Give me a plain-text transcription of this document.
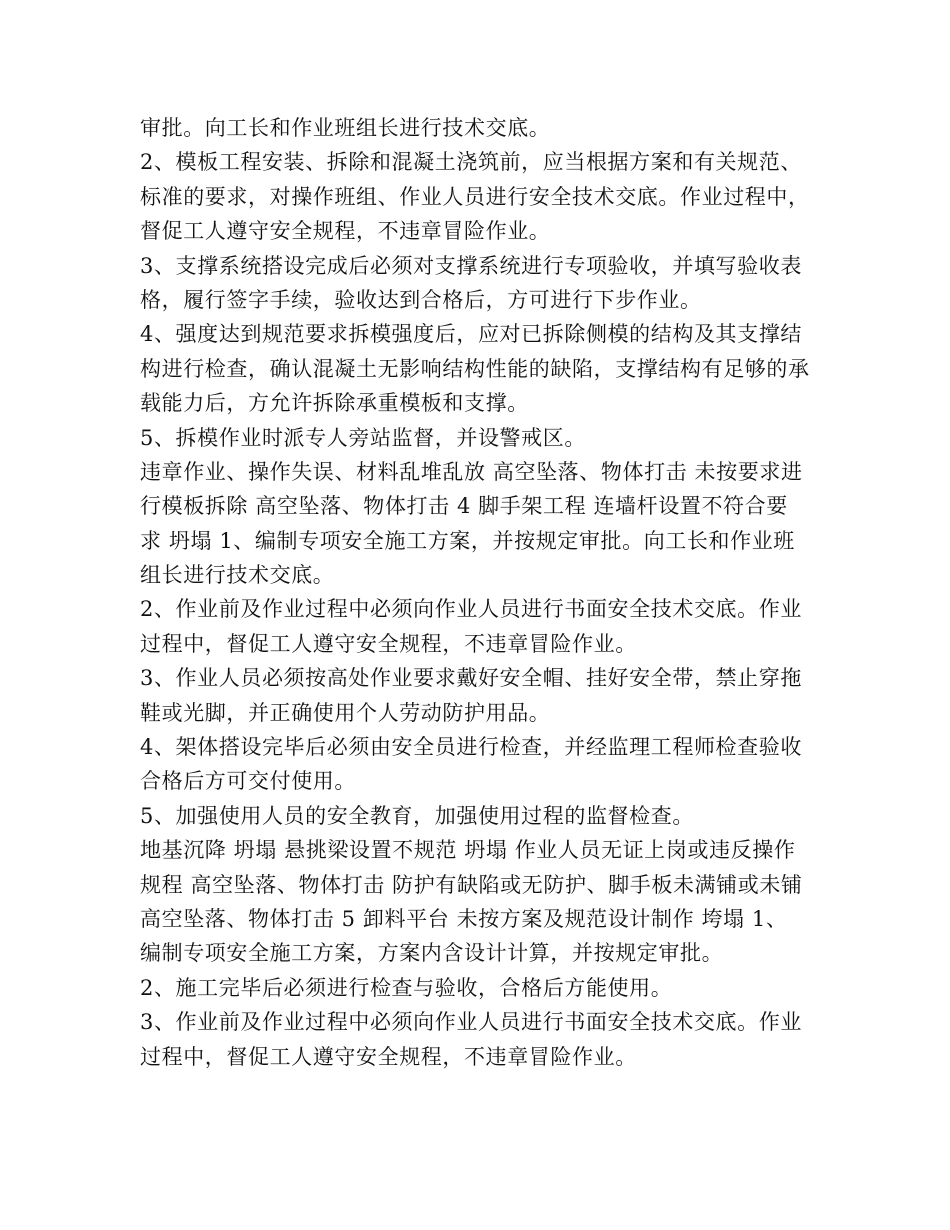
审批。向工长和作业班组长进行技术交底。
2、模板工程安装、拆除和混凝土浇筑前，应当根据方案和有关规范、
标准的要求，对操作班组、作业人员进行安全技术交底。作业过程中，
督促工人遵守安全规程，不违章冒险作业。
3、支撑系统搭设完成后必须对支撑系统进行专项验收，并填写验收表
格，履行签字手续，验收达到合格后，方可进行下步作业。
4、强度达到规范要求拆模强度后，应对已拆除侧模的结构及其支撑结
构进行检查，确认混凝土无影响结构性能的缺陷，支撑结构有足够的承
载能力后，方允许拆除承重模板和支撑。
5、拆模作业时派专人旁站监督，并设警戒区。
违章作业、操作失误、材料乱堆乱放 高空坠落、物体打击 未按要求进
行模板拆除 高空坠落、物体打击 4 脚手架工程 连墙杆设置不符合要
求 坍塌 1、编制专项安全施工方案，并按规定审批。向工长和作业班
组长进行技术交底。
2、作业前及作业过程中必须向作业人员进行书面安全技术交底。作业
过程中，督促工人遵守安全规程，不违章冒险作业。
3、作业人员必须按高处作业要求戴好安全帽、挂好安全带，禁止穿拖
鞋或光脚，并正确使用个人劳动防护用品。
4、架体搭设完毕后必须由安全员进行检查，并经监理工程师检查验收
合格后方可交付使用。
5、加强使用人员的安全教育，加强使用过程的监督检查。
地基沉降 坍塌 悬挑梁设置不规范 坍塌 作业人员无证上岗或违反操作
规程 高空坠落、物体打击 防护有缺陷或无防护、脚手板未满铺或未铺
高空坠落、物体打击 5 卸料平台 未按方案及规范设计制作 垮塌 1、
编制专项安全施工方案，方案内含设计计算，并按规定审批。
2、施工完毕后必须进行检查与验收，合格后方能使用。
3、作业前及作业过程中必须向作业人员进行书面安全技术交底。作业
过程中，督促工人遵守安全规程，不违章冒险作业。
